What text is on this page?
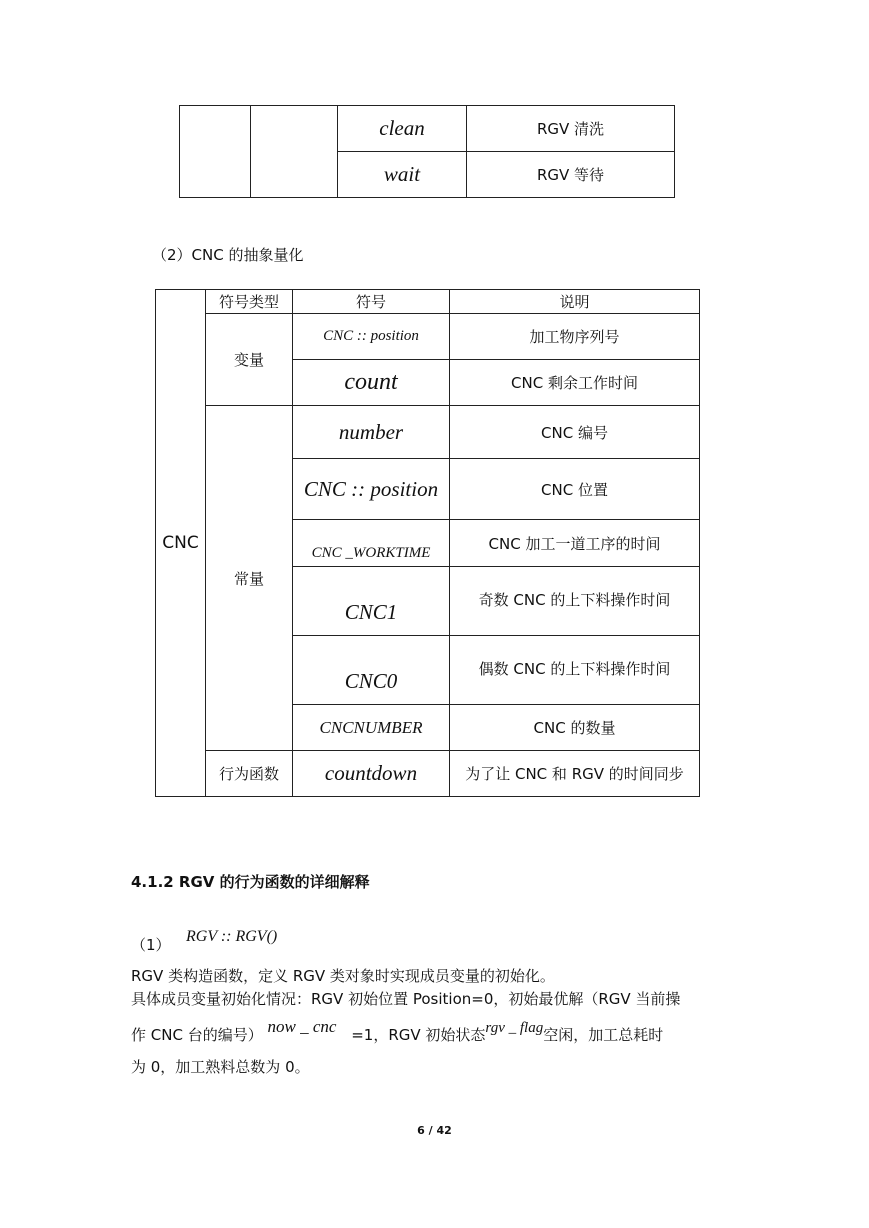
		clean	RGV 清洗
		wait	RGV 等待
（2）CNC 的抽象量化
CNC	符号类型	符号	说明
	变量	CNC :: position	加工物序列号
		count	CNC 剩余工作时间
	常量	number	CNC 编号
		CNC :: position	CNC 位置
		CNC _WORKTIME	CNC 加工一道工序的时间
		CNC1	奇数 CNC 的上下料操作时间
		CNC0	偶数 CNC 的上下料操作时间
		CNCNUMBER	CNC 的数量
	行为函数	countdown	为了让 CNC 和 RGV 的时间同步
4.1.2 RGV 的行为函数的详细解释
（1） RGV :: RGV()
RGV 类构造函数，定义 RGV 类对象时实现成员变量的初始化。
具体成员变量初始化情况：RGV 初始位置 Position=0，初始最优解（RGV 当前操
作 CNC 台的编号） now _ cnc =1，RGV 初始状态rgv _ flag空闲，加工总耗时
为 0，加工熟料总数为 0。
6 / 42
